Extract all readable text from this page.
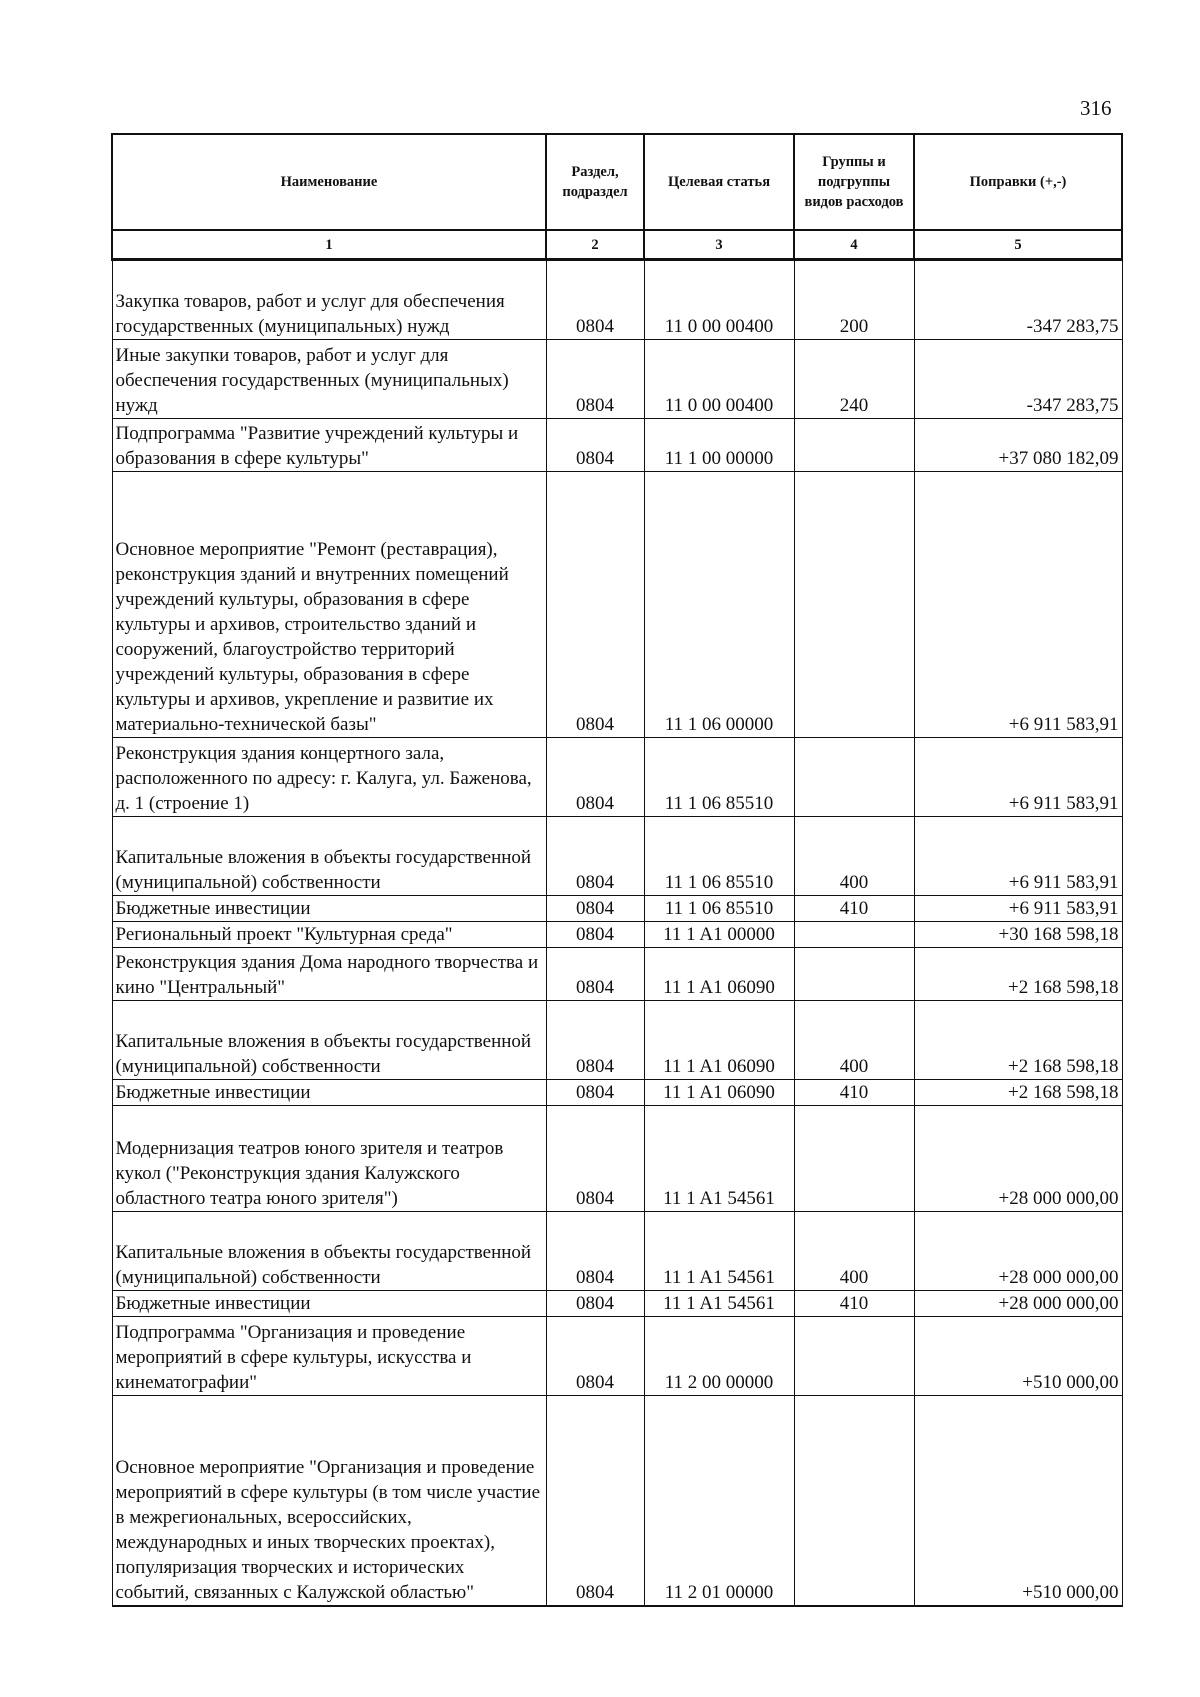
316
Наименование	Раздел, подраздел	Целевая статья	Группы и подгруппы видов расходов	Поправки (+,-)
1	2	3	4	5
Закупка товаров, работ и услуг для обеспечения государственных (муниципальных) нужд	0804	11 0 00 00400	200	-347 283,75
Иные закупки товаров, работ и услуг для обеспечения государственных (муниципальных) нужд	0804	11 0 00 00400	240	-347 283,75
Подпрограмма "Развитие учреждений культуры и образования в сфере культуры"	0804	11 1 00 00000		+37 080 182,09
Основное мероприятие "Ремонт (реставрация), реконструкция зданий и внутренних помещений учреждений культуры, образования в сфере культуры и архивов, строительство зданий и сооружений, благоустройство территорий учреждений культуры, образования в сфере культуры и архивов, укрепление и развитие их материально-технической базы"	0804	11 1 06 00000		+6 911 583,91
Реконструкция здания концертного зала, расположенного по адресу: г. Калуга, ул. Баженова, д. 1 (строение 1)	0804	11 1 06 85510		+6 911 583,91
Капитальные вложения в объекты государственной (муниципальной) собственности	0804	11 1 06 85510	400	+6 911 583,91
Бюджетные инвестиции	0804	11 1 06 85510	410	+6 911 583,91
Региональный проект "Культурная среда"	0804	11 1 A1 00000		+30 168 598,18
Реконструкция здания Дома народного творчества и кино "Центральный"	0804	11 1 A1 06090		+2 168 598,18
Капитальные вложения в объекты государственной (муниципальной) собственности	0804	11 1 A1 06090	400	+2 168 598,18
Бюджетные инвестиции	0804	11 1 A1 06090	410	+2 168 598,18
Модернизация театров юного зрителя и театров кукол ("Реконструкция здания Калужского областного театра юного зрителя")	0804	11 1 A1 54561		+28 000 000,00
Капитальные вложения в объекты государственной (муниципальной) собственности	0804	11 1 A1 54561	400	+28 000 000,00
Бюджетные инвестиции	0804	11 1 A1 54561	410	+28 000 000,00
Подпрограмма "Организация и проведение мероприятий в сфере культуры, искусства и кинематографии"	0804	11 2 00 00000		+510 000,00
Основное мероприятие "Организация и проведение мероприятий в сфере культуры (в том числе участие в межрегиональных, всероссийских, международных и иных творческих проектах), популяризация творческих и исторических событий, связанных с Калужской областью"	0804	11 2 01 00000		+510 000,00
